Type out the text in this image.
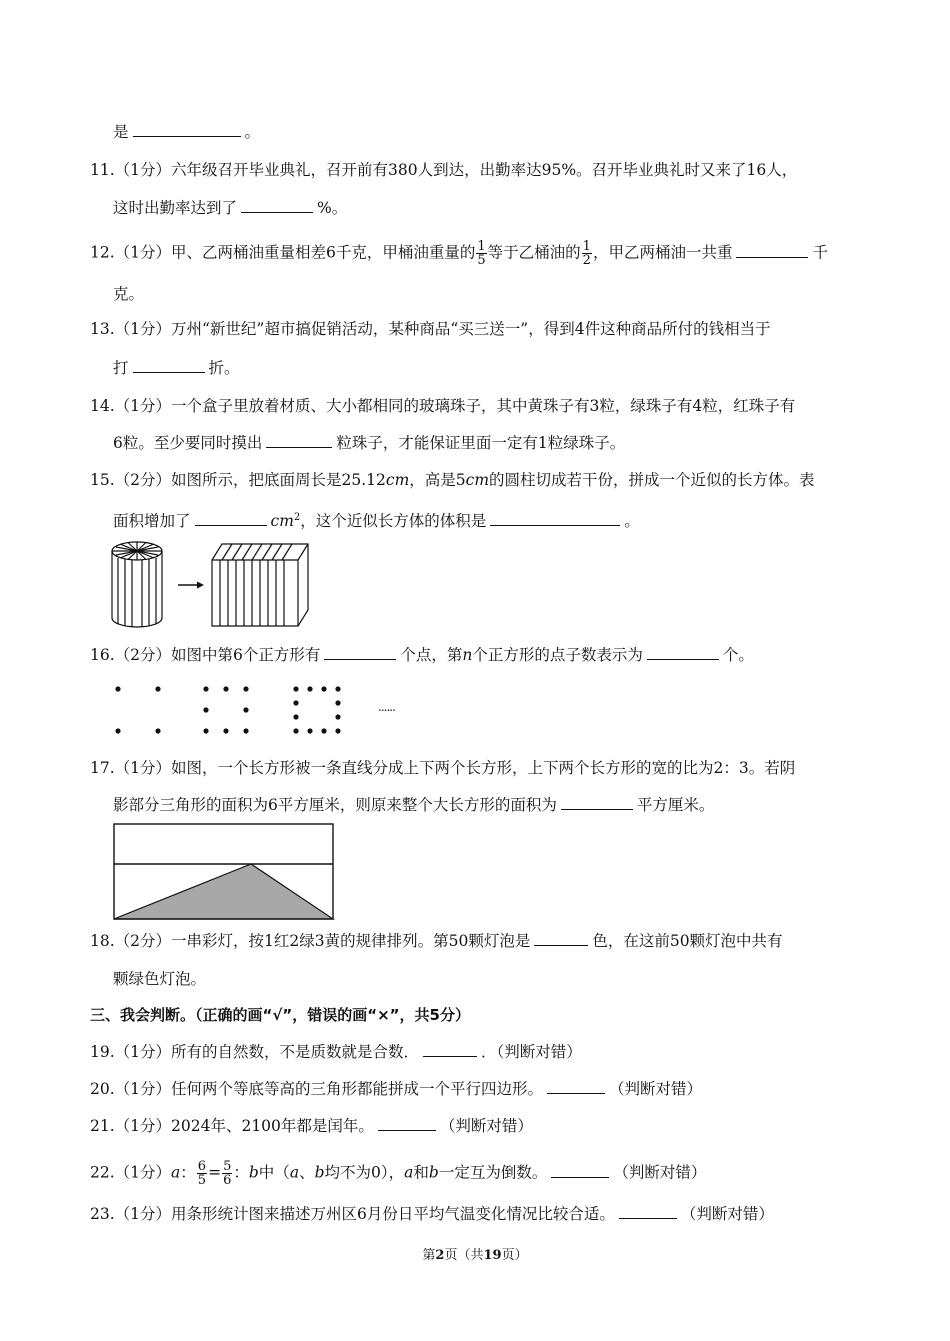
是	。
11.（1分）六年级召开毕业典礼，召开前有380人到达，出勤率达95%。召开毕业典礼时又来了16人，
这时出勤率达到了	%。
12.（1分）甲、乙两桶油重量相差6千克，甲桶油重量的 $\frac{1}{5}$ 等于乙桶油的 $\frac{1}{2}$ ，甲乙两桶油一共重	千
克。
13.（1分）万州“新世纪”超市搞促销活动，某种商品“买三送一”，得到4件这种商品所付的钱相当于
打	折。
14.（1分）一个盒子里放着材质、大小都相同的玻璃珠子，其中黄珠子有3粒，绿珠子有4粒，红珠子有
6粒。至少要同时摸出	粒珠子，才能保证里面一定有1粒绿珠子。
15.（2分）如图所示，把底面周长是25.12cm，高是5cm的圆柱切成若干份，拼成一个近似的长方体。表
面积增加了	$cm^2$，这个近似长方体的体积是	。
16.（2分）如图中第6个正方形有	个点，第n个正方形的点子数表示为	个。
......
17.（1分）如图，一个长方形被一条直线分成上下两个长方形，上下两个长方形的宽的比为2：3。若阴
影部分三角形的面积为6平方厘米，则原来整个大长方形的面积为	平方厘米。
18.（2分）一串彩灯，按1红2绿3黄的规律排列。第50颗灯泡是	色，在这前50颗灯泡中共有
颗绿色灯泡。
三、我会判断。（正确的画“√”，错误的画“×”，共5分）
19.（1分）所有的自然数，不是质数就是合数．	．（判断对错）
20.（1分）任何两个等底等高的三角形都能拼成一个平行四边形。	（判断对错）
21.（1分）2024年、2100年都是闰年。	（判断对错）
22.（1分）a： $\frac{6}{5} = \frac{5}{6}$ ：b中（a、b均不为0），a和b一定互为倒数。	（判断对错）
23.（1分）用条形统计图来描述万州区6月份日平均气温变化情况比较合适。	（判断对错）
第2页（共19页）
